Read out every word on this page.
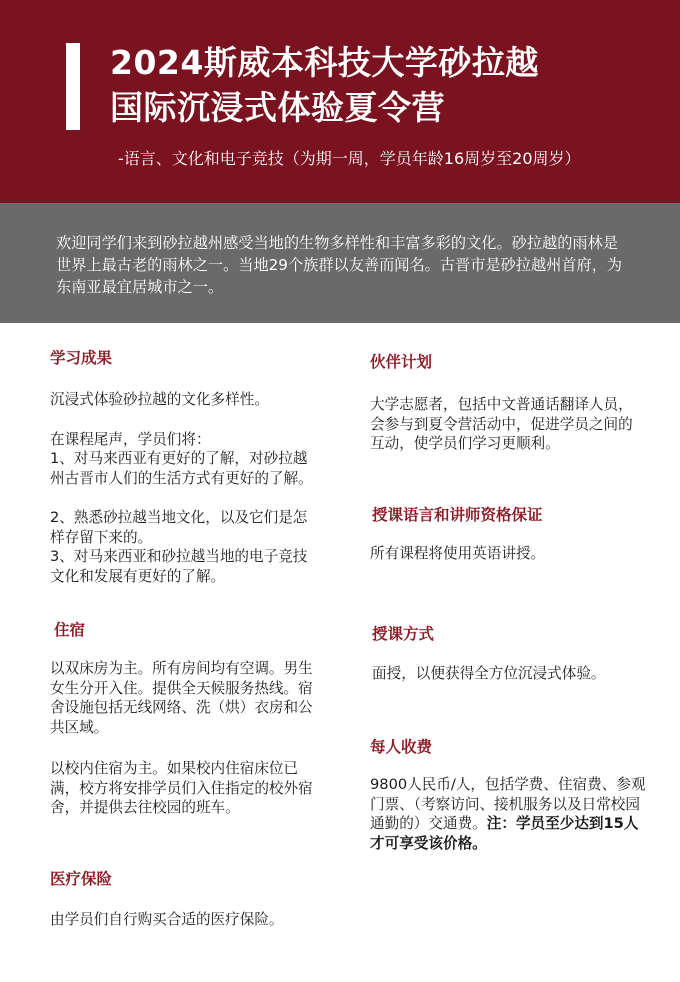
2024斯威本科技大学砂拉越
国际沉浸式体验夏令营
-语言、文化和电子竞技（为期一周，学员年龄16周岁至20周岁）
欢迎同学们来到砂拉越州感受当地的生物多样性和丰富多彩的文化。砂拉越的雨林是世界上最古老的雨林之一。当地29个族群以友善而闻名。古晋市是砂拉越州首府，为东南亚最宜居城市之一。
学习成果
沉浸式体验砂拉越的文化多样性。
在课程尾声，学员们将：
1、对马来西亚有更好的了解，对砂拉越州古晋市人们的生活方式有更好的了解。
2、熟悉砂拉越当地文化，以及它们是怎样存留下来的。
3、对马来西亚和砂拉越当地的电子竞技文化和发展有更好的了解。
住宿
以双床房为主。所有房间均有空调。男生女生分开入住。提供全天候服务热线。宿舍设施包括无线网络、洗（烘）衣房和公共区域。
以校内住宿为主。如果校内住宿床位已满，校方将安排学员们入住指定的校外宿舍，并提供去往校园的班车。
医疗保险
由学员们自行购买合适的医疗保险。
伙伴计划
大学志愿者，包括中文普通话翻译人员，会参与到夏令营活动中，促进学员之间的互动，使学员们学习更顺利。
授课语言和讲师资格保证
所有课程将使用英语讲授。
授课方式
面授，以便获得全方位沉浸式体验。
每人收费
9800人民币/人，包括学费、住宿费、参观门票、（考察访问、接机服务以及日常校园通勤的）交通费。注：学员至少达到15人才可享受该价格。
